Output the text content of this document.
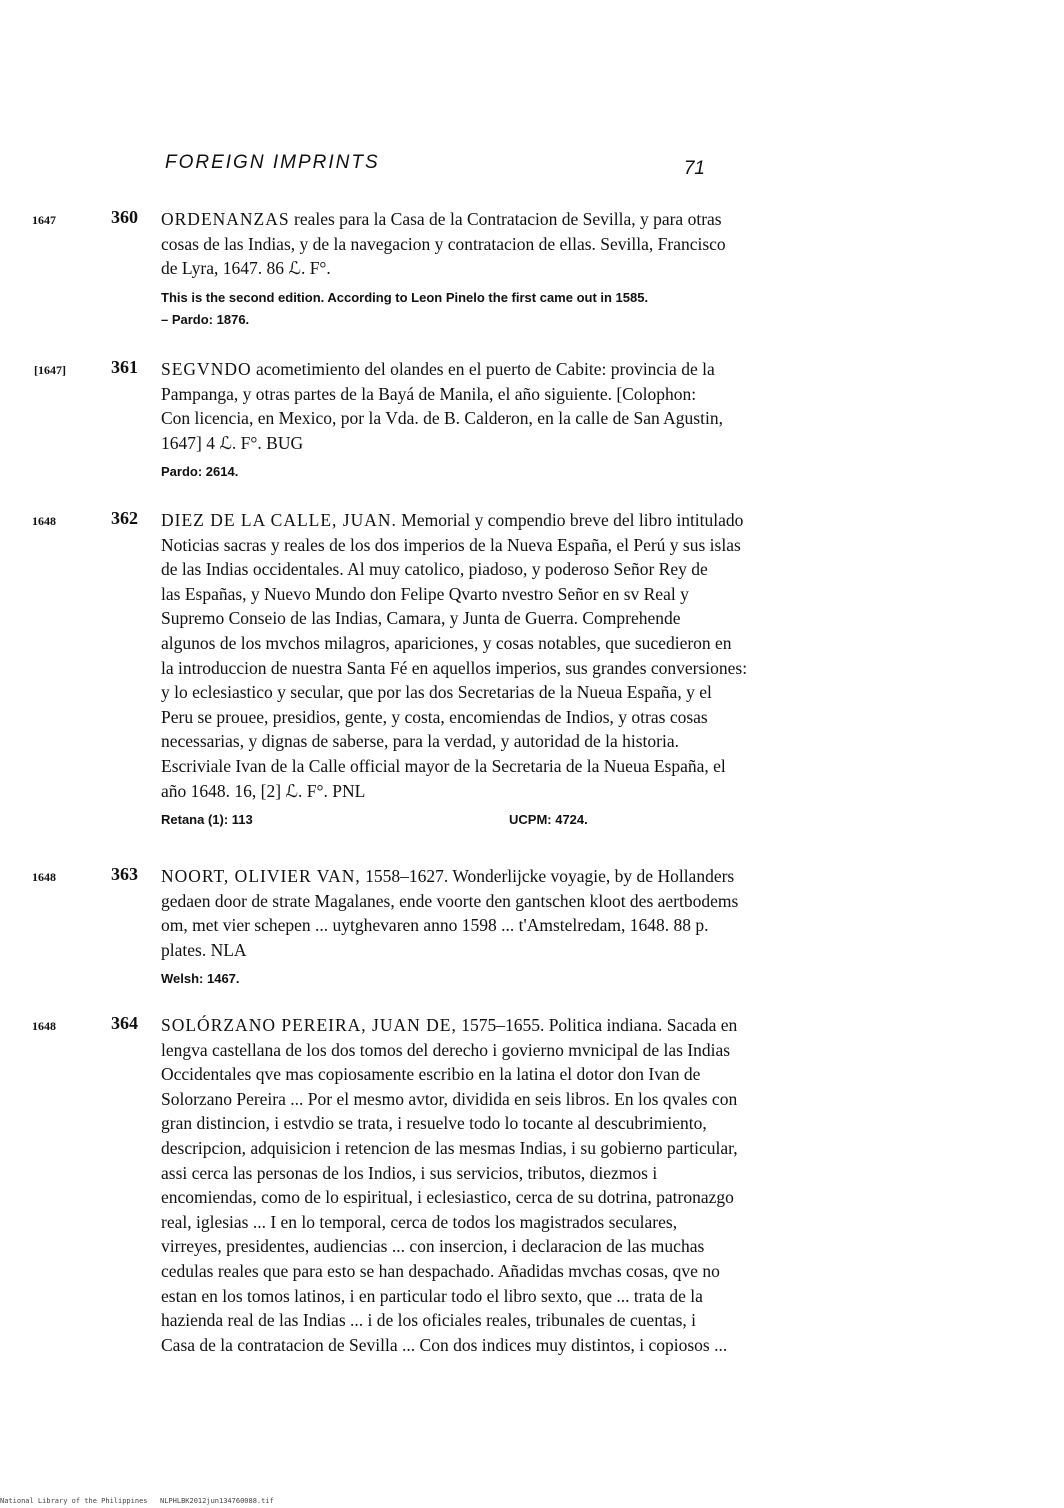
FOREIGN IMPRINTS	71
1647	360 ORDENANZAS reales para la Casa de la Contratacion de Sevilla, y para otras
cosas de las Indias, y de la navegacion y contratacion de ellas. Sevilla, Francisco
de Lyra, 1647. 86 ℒ. F°.
This is the second edition. According to Leon Pinelo the first came out in 1585.
– Pardo: 1876.
[1647]	361 SEGVNDO acometimiento del olandes en el puerto de Cabite: provincia de la
Pampanga, y otras partes de la Bayá de Manila, el año siguiente. [Colophon:
Con licencia, en Mexico, por la Vda. de B. Calderon, en la calle de San Agustin,
1647] 4 ℒ. F°. BUG
Pardo: 2614.
1648	362 DIEZ DE LA CALLE, JUAN. Memorial y compendio breve del libro intitulado
Noticias sacras y reales de los dos imperios de la Nueva España, el Perú y sus islas
de las Indias occidentales. Al muy catolico, piadoso, y poderoso Señor Rey de
las Españas, y Nuevo Mundo don Felipe Qvarto nvestro Señor en sv Real y
Supremo Conseio de las Indias, Camara, y Junta de Guerra. Comprehende
algunos de los mvchos milagros, apariciones, y cosas notables, que sucedieron en
la introduccion de nuestra Santa Fé en aquellos imperios, sus grandes conversiones:
y lo eclesiastico y secular, que por las dos Secretarias de la Nueua España, y el
Peru se prouee, presidios, gente, y costa, encomiendas de Indios, y otras cosas
necessarias, y dignas de saberse, para la verdad, y autoridad de la historia.
Escriviale Ivan de la Calle official mayor de la Secretaria de la Nueua España, el
año 1648. 16, [2] ℒ. F°. PNL
Retana (1): 113	UCPM: 4724.
1648	363 NOORT, OLIVIER VAN, 1558–1627. Wonderlijcke voyagie, by de Hollanders
gedaen door de strate Magalanes, ende voorte den gantschen kloot des aertbodems
om, met vier schepen ... uytghevaren anno 1598 ... t'Amstelredam, 1648. 88 p.
plates. NLA
Welsh: 1467.
1648	364 SOLÓRZANO PEREIRA, JUAN DE, 1575–1655. Politica indiana. Sacada en
lengva castellana de los dos tomos del derecho i govierno mvnicipal de las Indias
Occidentales qve mas copiosamente escribio en la latina el dotor don Ivan de
Solorzano Pereira ... Por el mesmo avtor, dividida en seis libros. En los qvales con
gran distincion, i estvdio se trata, i resuelve todo lo tocante al descubrimiento,
descripcion, adquisicion i retencion de las mesmas Indias, i su gobierno particular,
assi cerca las personas de los Indios, i sus servicios, tributos, diezmos i
encomiendas, como de lo espiritual, i eclesiastico, cerca de su dotrina, patronazgo
real, iglesias ... I en lo temporal, cerca de todos los magistrados seculares,
virreyes, presidentes, audiencias ... con insercion, i declaracion de las muchas
cedulas reales que para esto se han despachado. Añadidas mvchas cosas, qve no
estan en los tomos latinos, i en particular todo el libro sexto, que ... trata de la
hazienda real de las Indias ... i de los oficiales reales, tribunales de cuentas, i
Casa de la contratacion de Sevilla ... Con dos indices muy distintos, i copiosos ...
National Library of the Philippines NLPHLBK2012jun134760088.tif
